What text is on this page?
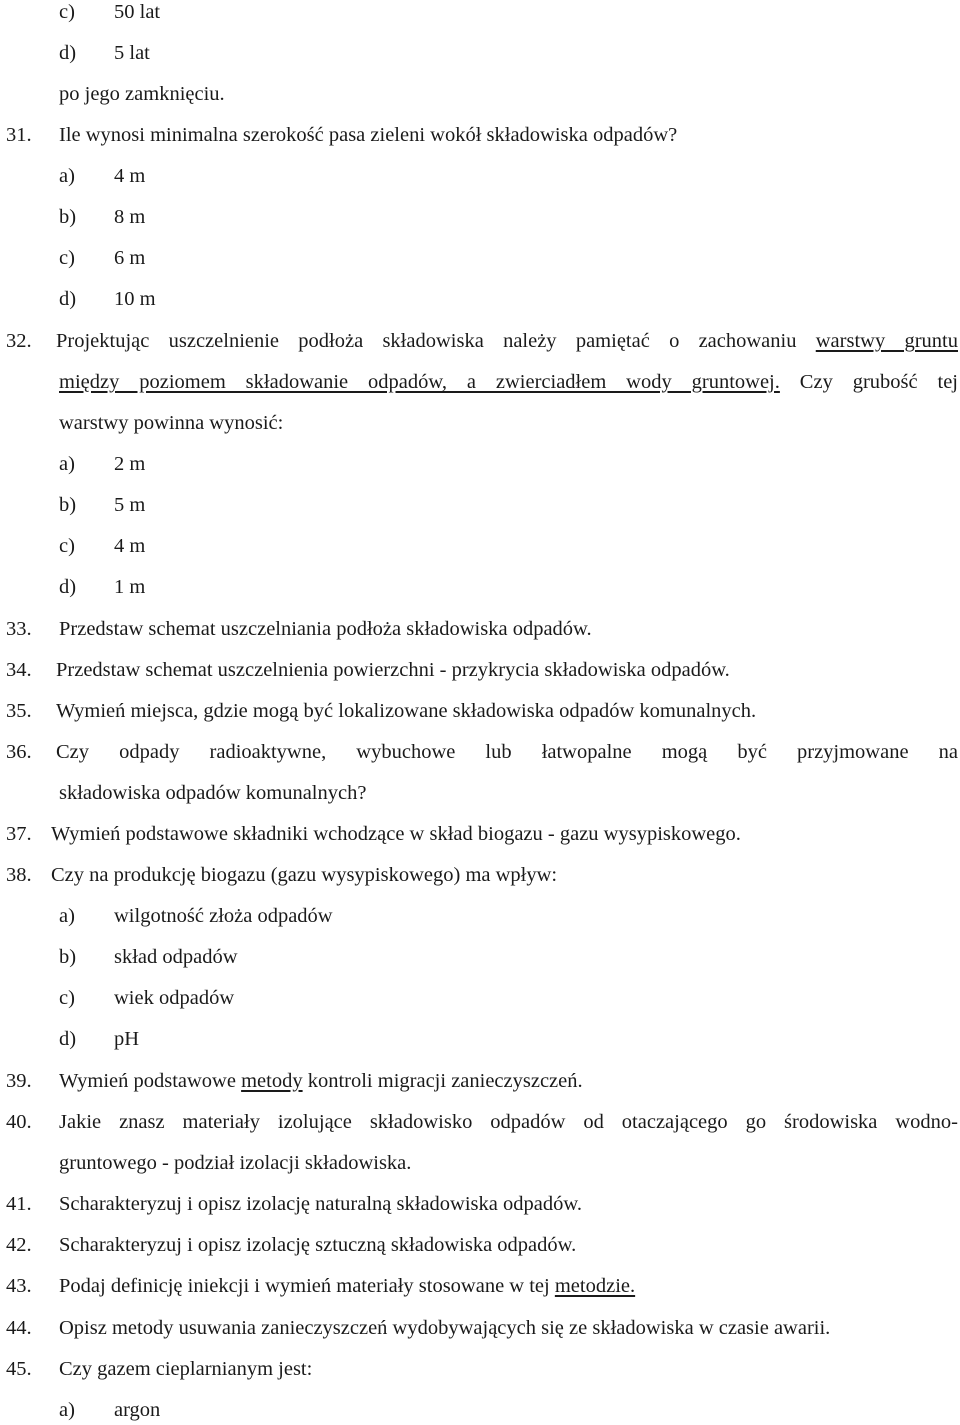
c) 50 lat
d) 5 lat
po jego zamknięciu.
31. Ile wynosi minimalna szerokość pasa zieleni wokół składowiska odpadów?
a) 4 m
b) 8 m
c) 6 m
d) 10 m
32. Projektując uszczelnienie podłoża składowiska należy pamiętać o zachowaniu warstwy gruntu
między poziomem składowanie odpadów, a zwierciadłem wody gruntowej. Czy grubość tej
warstwy powinna wynosić:
a) 2 m
b) 5 m
c) 4 m
d) 1 m
33. Przedstaw schemat uszczelniania podłoża składowiska odpadów.
34. Przedstaw schemat uszczelnienia powierzchni - przykrycia składowiska odpadów.
35. Wymień miejsca, gdzie mogą być lokalizowane składowiska odpadów komunalnych.
36. Czy odpady radioaktywne, wybuchowe lub łatwopalne mogą być przyjmowane na
składowiska odpadów komunalnych?
37. Wymień podstawowe składniki wchodzące w skład biogazu - gazu wysypiskowego.
38. Czy na produkcję biogazu (gazu wysypiskowego) ma wpływ:
a) wilgotność złoża odpadów
b) skład odpadów
c) wiek odpadów
d) pH
39. Wymień podstawowe metody kontroli migracji zanieczyszczeń.
40. Jakie znasz materiały izolujące składowisko odpadów od otaczającego go środowiska wodno-
gruntowego - podział izolacji składowiska.
41. Scharakteryzuj i opisz izolację naturalną składowiska odpadów.
42. Scharakteryzuj i opisz izolację sztuczną składowiska odpadów.
43. Podaj definicję iniekcji i wymień materiały stosowane w tej metodzie.
44. Opisz metody usuwania zanieczyszczeń wydobywających się ze składowiska w czasie awarii.
45. Czy gazem cieplarnianym jest:
a) argon
